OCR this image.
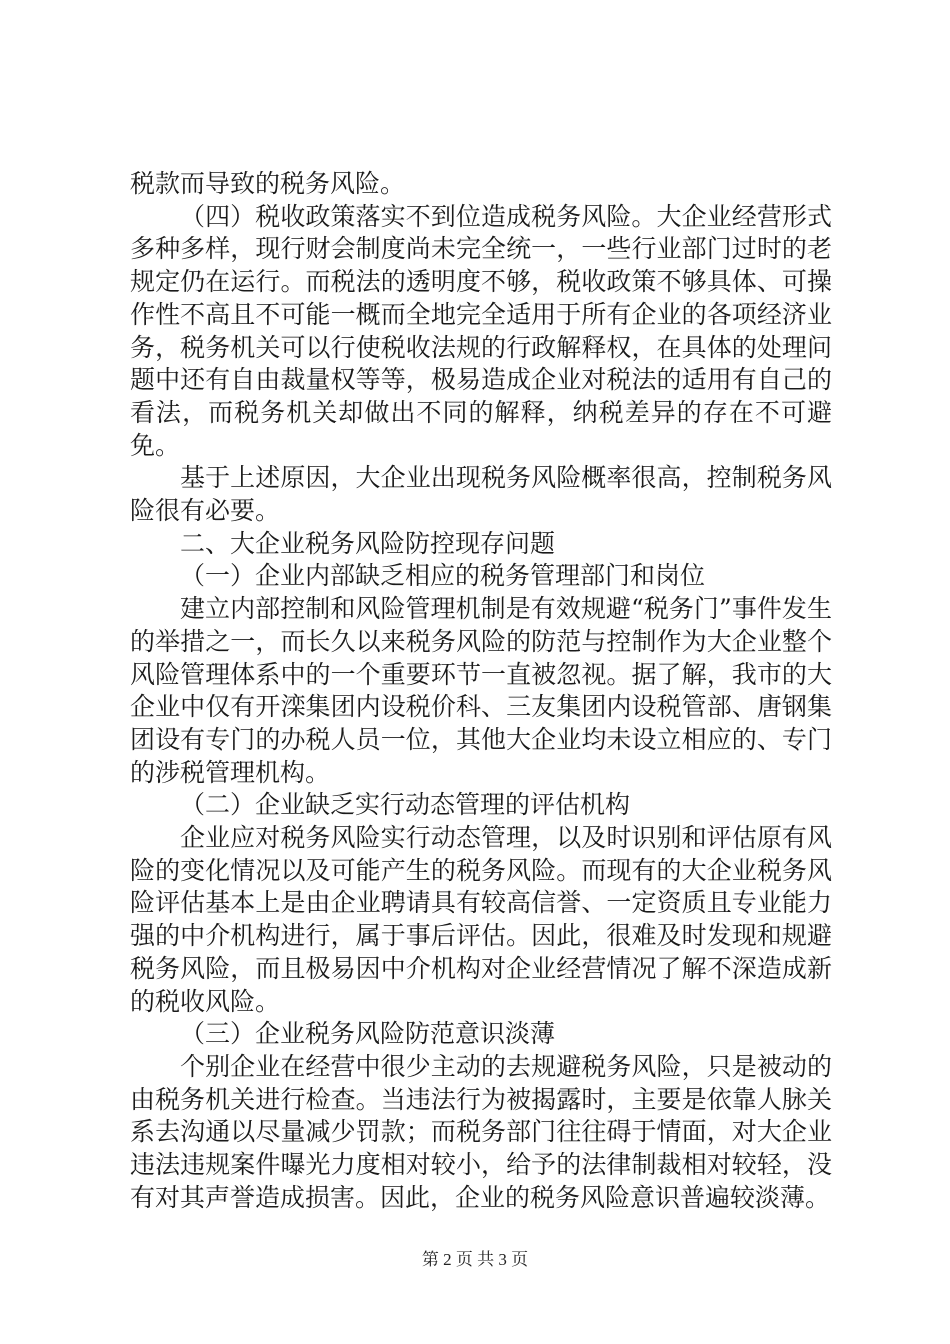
税款而导致的税务风险。

（四）税收政策落实不到位造成税务风险。大企业经营形式多种多样，现行财会制度尚未完全统一，一些行业部门过时的老规定仍在运行。而税法的透明度不够，税收政策不够具体、可操作性不高且不可能一概而全地完全适用于所有企业的各项经济业务，税务机关可以行使税收法规的行政解释权，在具体的处理问题中还有自由裁量权等等，极易造成企业对税法的适用有自己的看法，而税务机关却做出不同的解释，纳税差异的存在不可避免。

基于上述原因，大企业出现税务风险概率很高，控制税务风险很有必要。

二、大企业税务风险防控现存问题

（一）企业内部缺乏相应的税务管理部门和岗位

建立内部控制和风险管理机制是有效规避“税务门”事件发生的举措之一，而长久以来税务风险的防范与控制作为大企业整个风险管理体系中的一个重要环节一直被忽视。据了解，我市的大企业中仅有开滦集团内设税价科、三友集团内设税管部、唐钢集团设有专门的办税人员一位，其他大企业均未设立相应的、专门的涉税管理机构。

（二）企业缺乏实行动态管理的评估机构

企业应对税务风险实行动态管理，以及时识别和评估原有风险的变化情况以及可能产生的税务风险。而现有的大企业税务风险评估基本上是由企业聘请具有较高信誉、一定资质且专业能力强的中介机构进行，属于事后评估。因此，很难及时发现和规避税务风险，而且极易因中介机构对企业经营情况了解不深造成新的税收风险。

（三）企业税务风险防范意识淡薄

个别企业在经营中很少主动的去规避税务风险，只是被动的由税务机关进行检查。当违法行为被揭露时，主要是依靠人脉关系去沟通以尽量减少罚款；而税务部门往往碍于情面，对大企业违法违规案件曝光力度相对较小，给予的法律制裁相对较轻，没有对其声誉造成损害。因此，企业的税务风险意识普遍较淡薄。

第 2 页 共 3 页
